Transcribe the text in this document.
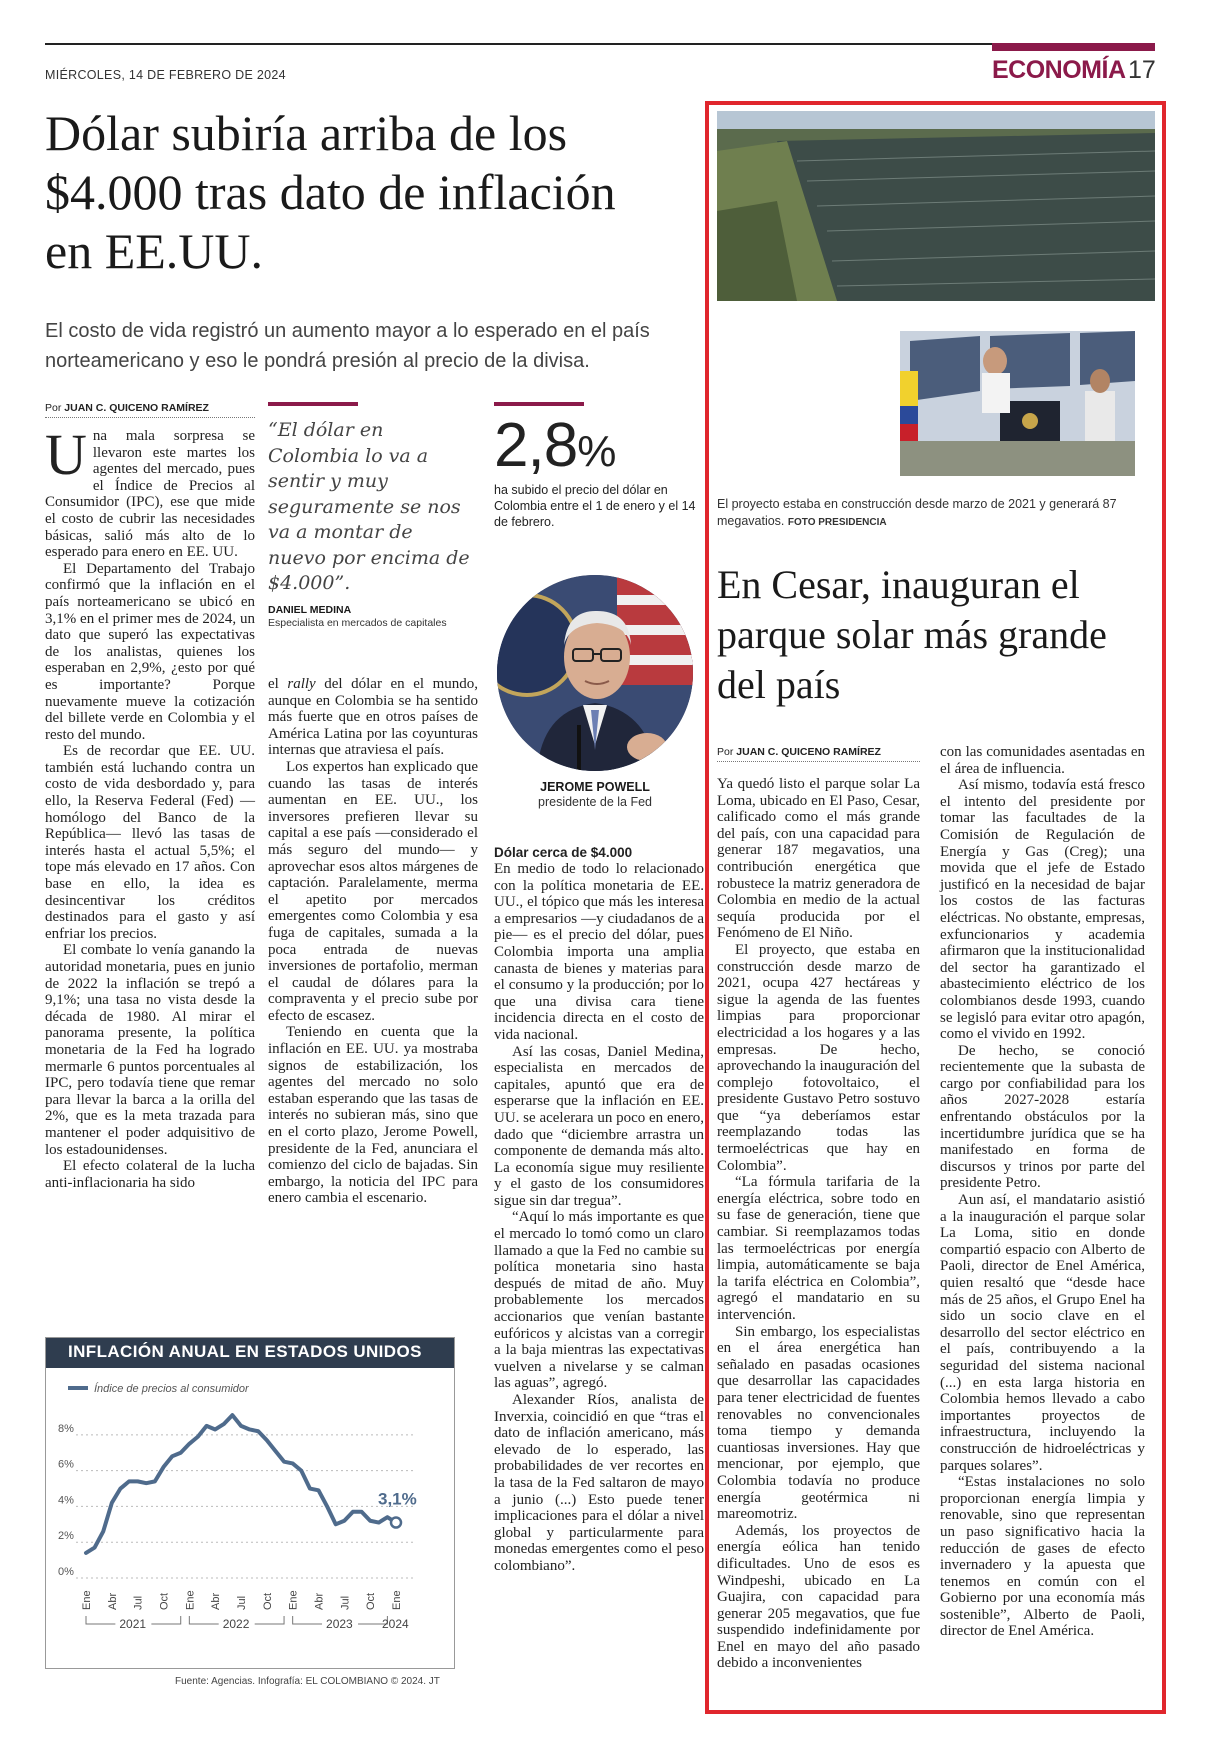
MIÉRCOLES, 14 DE FEBRERO DE 2024	ECONOMÍA 17
Dólar subiría arriba de los $4.000 tras dato de inflación en EE.UU.
El costo de vida registró un aumento mayor a lo esperado en el país norteamericano y eso le pondrá presión al precio de la divisa.
Por JUAN C. QUICENO RAMÍREZ

Una mala sorpresa se llevaron este martes los agentes del mercado, pues el Índice de Precios al Consumidor (IPC), ese que mide el costo de cubrir las necesidades básicas, salió más alto de lo esperado para enero en EE. UU.

El Departamento del Trabajo confirmó que la inflación en el país norteamericano se ubicó en 3,1% en el primer mes de 2024, un dato que superó las expectativas de los analistas, quienes los esperaban en 2,9%, ¿esto por qué es importante? Porque nuevamente mueve la cotización del billete verde en Colombia y el resto del mundo.

Es de recordar que EE. UU. también está luchando contra un costo de vida desbordado y, para ello, la Reserva Federal (Fed) —homólogo del Banco de la República— llevó las tasas de interés hasta el actual 5,5%; el tope más elevado en 17 años. Con base en ello, la idea es desincentivar los créditos destinados para el gasto y así enfriar los precios.

El combate lo venía ganando la autoridad monetaria, pues en junio de 2022 la inflación se trepó a 9,1%; una tasa no vista desde la década de 1980. Al mirar el panorama presente, la política monetaria de la Fed ha logrado mermarle 6 puntos porcentuales al IPC, pero todavía tiene que remar para llevar la barca a la orilla del 2%, que es la meta trazada para mantener el poder adquisitivo de los estadounidenses.

El efecto colateral de la lucha anti-inflacionaria ha sido

“El dólar en Colombia lo va a sentir y muy seguramente se nos va a montar de nuevo por encima de $4.000”.
DANIEL MEDINA
Especialista en mercados de capitales

el rally del dólar en el mundo, aunque en Colombia se ha sentido más fuerte que en otros países de América Latina por las coyunturas internas que atraviesa el país.

Los expertos han explicado que cuando las tasas de interés aumentan en EE. UU., los inversores prefieren llevar su capital a ese país —considerado el más seguro del mundo— y aprovechar esos altos márgenes de captación. Paralelamente, merma el apetito por mercados emergentes como Colombia y esa fuga de capitales, sumada a la poca entrada de nuevas inversiones de portafolio, merman el caudal de dólares para la compraventa y el precio sube por efecto de escasez.

Teniendo en cuenta que la inflación en EE. UU. ya mostraba signos de estabilización, los agentes del mercado no solo estaban esperando que las tasas de interés no subieran más, sino que en el corto plazo, Jerome Powell, presidente de la Fed, anunciara el comienzo del ciclo de bajadas. Sin embargo, la noticia del IPC para enero cambia el escenario.

2,8%
ha subido el precio del dólar en Colombia entre el 1 de enero y el 14 de febrero.
JEROME POWELL
presidente de la Fed

Dólar cerca de $4.000

En medio de todo lo relacionado con la política monetaria de EE. UU., el tópico que más les interesa a empresarios —y ciudadanos de a pie— es el precio del dólar, pues Colombia importa una amplia canasta de bienes y materias para el consumo y la producción; por lo que una divisa cara tiene incidencia directa en el costo de vida nacional.

Así las cosas, Daniel Medina, especialista en mercados de capitales, apuntó que era de esperarse que la inflación en EE. UU. se acelerara un poco en enero, dado que “diciembre arrastra un componente de demanda más alto. La economía sigue muy resiliente y el gasto de los consumidores sigue sin dar tregua”.

“Aquí lo más importante es que el mercado lo tomó como un claro llamado a que la Fed no cambie su política monetaria sino hasta después de mitad de año. Muy probablemente los mercados accionarios que venían bastante eufóricos y alcistas van a corregir a la baja mientras las expectativas vuelven a nivelarse y se calman las aguas”, agregó.

Alexander Ríos, analista de Inverxia, coincidió en que “tras el dato de inflación americano, más elevado de lo esperado, las probabilidades de ver recortes en la tasa de la Fed saltaron de mayo a junio (...) Esto puede tener implicaciones para el dólar a nivel global y particularmente para monedas emergentes como el peso colombiano”.

INFLACIÓN ANUAL EN ESTADOS UNIDOS
Índice de precios al consumidor
0%
2%
4%
6%
8%
3,1%
Ene Abr Jul Oct Ene Abr Jul Oct Ene Abr Jul Oct Ene
2021	2022	2023 2024
Fuente: Agencias. Infografía: EL COLOMBIANO © 2024. JT
El proyecto estaba en construcción desde marzo de 2021 y generará 87 megavatios. FOTO PRESIDENCIA
En Cesar, inauguran el parque solar más grande del país
Por JUAN C. QUICENO RAMÍREZ

Ya quedó listo el parque solar La Loma, ubicado en El Paso, Cesar, calificado como el más grande del país, con una capacidad para generar 187 megavatios, una contribución energética que robustece la matriz generadora de Colombia en medio de la actual sequía producida por el Fenómeno de El Niño.

El proyecto, que estaba en construcción desde marzo de 2021, ocupa 427 hectáreas y sigue la agenda de las fuentes limpias para proporcionar electricidad a los hogares y a las empresas. De hecho, aprovechando la inauguración del complejo fotovoltaico, el presidente Gustavo Petro sostuvo que “ya deberíamos estar reemplazando todas las termoeléctricas que hay en Colombia”.

“La fórmula tarifaria de la energía eléctrica, sobre todo en su fase de generación, tiene que cambiar. Si reemplazamos todas las termoeléctricas por energía limpia, automáticamente se baja la tarifa eléctrica en Colombia”, agregó el mandatario en su intervención.

Sin embargo, los especialistas en el área energética han señalado en pasadas ocasiones que desarrollar las capacidades para tener electricidad de fuentes renovables no convencionales toma tiempo y demanda cuantiosas inversiones. Hay que mencionar, por ejemplo, que Colombia todavía no produce energía geotérmica ni mareomotriz.

Además, los proyectos de energía eólica han tenido dificultades. Uno de esos es Windpeshi, ubicado en La Guajira, con capacidad para generar 205 megavatios, que fue suspendido indefinidamente por Enel en mayo del año pasado debido a inconvenientes

con las comunidades asentadas en el área de influencia.

Así mismo, todavía está fresco el intento del presidente por tomar las facultades de la Comisión de Regulación de Energía y Gas (Creg); una movida que el jefe de Estado justificó en la necesidad de bajar los costos de las facturas eléctricas. No obstante, empresas, exfuncionarios y academia afirmaron que la institucionalidad del sector ha garantizado el abastecimiento eléctrico de los colombianos desde 1993, cuando se legisló para evitar otro apagón, como el vivido en 1992.

De hecho, se conoció recientemente que la subasta de cargo por confiabilidad para los años 2027-2028 estaría enfrentando obstáculos por la incertidumbre jurídica que se ha manifestado en forma de discursos y trinos por parte del presidente Petro.

Aun así, el mandatario asistió a la inauguración el parque solar La Loma, sitio en donde compartió espacio con Alberto de Paoli, director de Enel América, quien resaltó que “desde hace más de 25 años, el Grupo Enel ha sido un socio clave en el desarrollo del sector eléctrico en el país, contribuyendo a la seguridad del sistema nacional (...) en esta larga historia en Colombia hemos llevado a cabo importantes proyectos de infraestructura, incluyendo la construcción de hidroeléctricas y parques solares”.

“Estas instalaciones no solo proporcionan energía limpia y renovable, sino que representan un paso significativo hacia la reducción de gases de efecto invernadero y la apuesta que tenemos en común con el Gobierno por una economía más sostenible”, Alberto de Paoli, director de Enel América.
